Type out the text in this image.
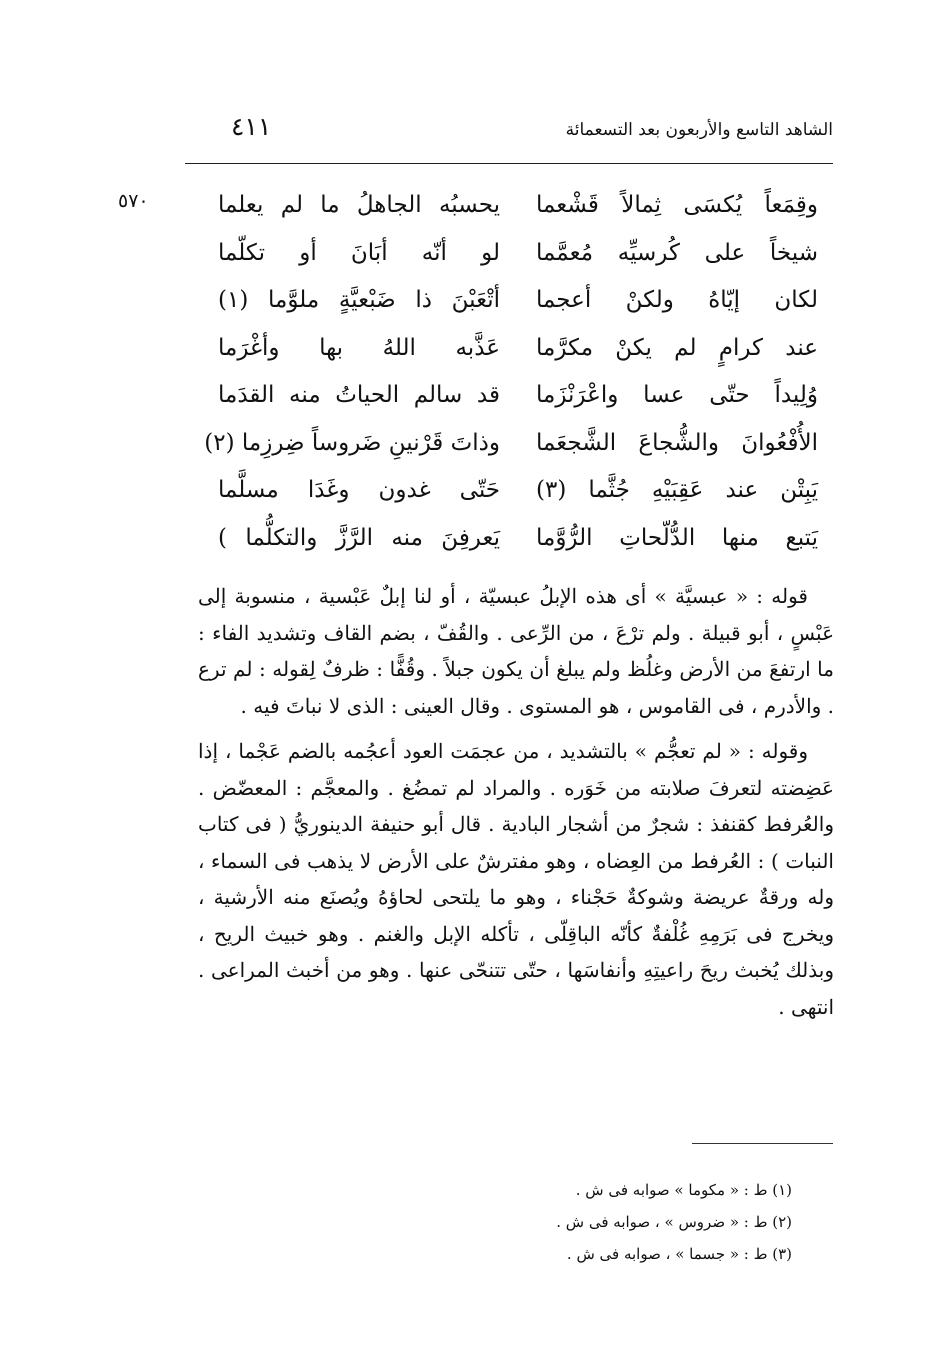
الشاهد التاسع والأربعون بعد التسعمائة
٤١١
٥٧٠	وقِمَعاً يُكسَى ثِمالاً قَشْعما
يحسبُه الجاهلُ ما لم يعلما
شيخاً على كُرسيِّه مُعمَّما
لو أنّه أبَانَ أو تكلّما
لكان إيّاهُ ولكنْ أعجما
أتْعَبْنَ ذا ضَبْعيَّةٍ ملوَّما (١)
عند كرامٍ لم يكنْ مكرَّما
عَذَّبه اللهُ بها وأغْرَما
وُلِيداً حتّى عسا واعْرَنْزَما
قد سالم الحياتُ منه القدَما
الأُفْعُوانَ والشُّجاعَ الشَّجعَما
وذاتَ قَرْنينِ ضَروساً ضِرزِما (٢)
يَبِتْن عند عَقِبَيْهِ جُثَّما (٣)
حَتّى غدون وغَدَا مسلَّما
يَتبع منها الدُّلّحاتِ الرُّوَّما
يَعرفِنَ منه الرَّزَّ والتكلُّما )

قوله : « عبسيَّة » أى هذه الإبلُ عبسيّة ، أو لنا إبلٌ عَبْسية ، منسوبة إلى عَبْسٍ ، أبو قبيلة . ولم ترْعَ ، من الرِّعى . والقُفّ ، بضم القاف وتشديد الفاء : ما ارتفعَ من الأرض وغلُظ ولم يبلغ أن يكون جبلاً . وقُفًّا : ظرفٌ لِقوله : لم ترع . والأدرم ، فى القاموس ، هو المستوى . وقال العينى : الذى لا نباتَ فيه .

وقوله : « لم تعجُّم » بالتشديد ، من عجمَت العود أعجُمه بالضم عَجْما ، إذا عَضِضته لتعرفَ صلابته من خَوَره . والمراد لم تمضُغ . والمعجَّم : المعضّض . والعُرفط كقنفذ : شجرٌ من أشجار البادية . قال أبو حنيفة الدينوريُّ ( فى كتاب النبات ) : العُرفط من العِضاه ، وهو مفترشٌ على الأرض لا يذهب فى السماء ، وله ورقةٌ عريضة وشوكةٌ حَجْناء ، وهو ما يلتحى لحاؤهُ ويُصنَع منه الأرشية ، ويخرج فى بَرَمِهِ غُلْفةٌ كأنّه الباقِلّى ، تأكله الإبل والغنم . وهو خبيث الريح ، وبذلك يُخبث ريحَ راعيتِهِ وأنفاسَها ، حتّى تتنحّى عنها . وهو من أخبث المراعى . انتهى .

(١) ط : « مكوما » صوابه فى ش .
(٢) ط : « ضروس » ، صوابه فى ش .
(٣) ط : « جسما » ، صوابه فى ش .
